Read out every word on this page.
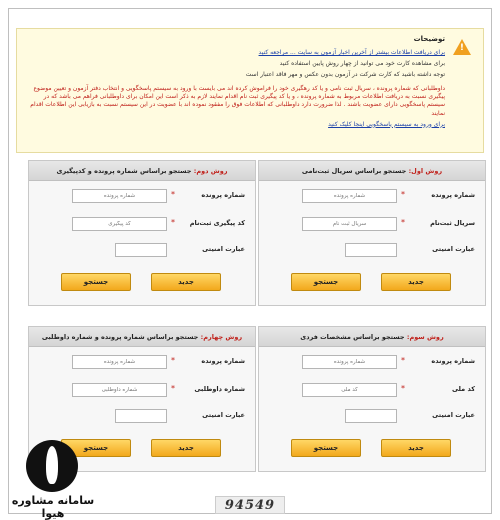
!
توضیحات

برای دریافت اطلاعات بیشتر از آخرین اخبار آزمون به سایت ... مراجعه کنید

برای مشاهده کارت خود می توانید از چهار روش پایین استفاده کنید

توجه داشته باشید که کارت شرکت در آزمون بدون عکس و مهر فاقد اعتبار است

داوطلبانی که شماره پرونده ، سریال ثبت نامی و یا کد رهگیری خود را فراموش کرده اند می بایست با ورود به سیستم پاسخگویی و انتخاب دفتر آزمون و تعیین موضوع پیگیری نسبت به دریافت اطلاعات مربوط به شماره پرونده ، و یا کد پیگیری ثبت نام اقدام نمایند لازم به ذکر است این امکان برای داوطلبانی فراهم می باشد که در سیستم پاسخگویی دارای عضویت باشند . لذا ضرورت دارد داوطلبانی که اطلاعات فوق را مفقود نموده اند با عضویت در این سیستم نسبت به بازیابی این اطلاعات اقدام نمایند

برای ورود به سیستم پاسخگویی اینجا کلیک کنید

روش اول: جستجو براساس سریال ثبت‌نامی
شماره پرونده
*
شماره پرونده
سریال ثبت‌نام
*
سریال ثبت نام
عبارت امنیتی
جدید
جستجو
روش دوم: جستجو براساس شماره پرونده و کدپیگیری
شماره پرونده
*
شماره پرونده
کد پیگیری ثبت‌نام
*
کد پیگیری
عبارت امنیتی
جدید
جستجو
روش سوم: جستجو براساس مشخصات فردی
شماره پرونده
*
شماره پرونده
کد ملی
*
کد ملی
عبارت امنیتی
جدید
جستجو
روش چهارم: جستجو براساس شماره پرونده و شماره داوطلبی
شماره پرونده
*
شماره پرونده
شماره داوطلبی
*
شماره داوطلبی
عبارت امنیتی
جدید
جستجو
94549
سامانه مشاوره هیوا
